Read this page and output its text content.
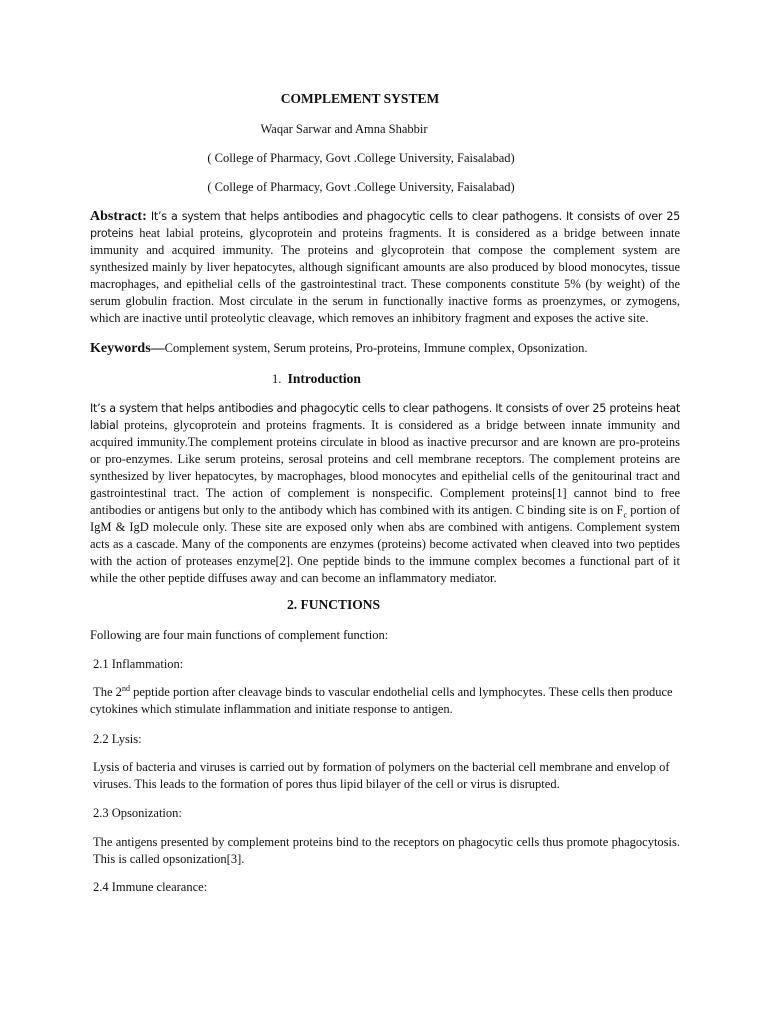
COMPLEMENT SYSTEM
Waqar Sarwar and Amna Shabbir
( College of Pharmacy, Govt .College University, Faisalabad)
( College of Pharmacy, Govt .College University, Faisalabad)

Abstract: It’s a system that helps antibodies and phagocytic cells to clear pathogens. It consists of over 25 proteins heat labial proteins, glycoprotein and proteins fragments. It is considered as a bridge between innate immunity and acquired immunity. The proteins and glycoprotein that compose the complement system are synthesized mainly by liver hepatocytes, although significant amounts are also produced by blood monocytes, tissue macrophages, and epithelial cells of the gastrointestinal tract. These components constitute 5% (by weight) of the serum globulin fraction. Most circulate in the serum in functionally inactive forms as proenzymes, or zymogens, which are inactive until proteolytic cleavage, which removes an inhibitory fragment and exposes the active site.

Keywords—Complement system, Serum proteins, Pro-proteins, Immune complex, Opsonization.

1. Introduction

It’s a system that helps antibodies and phagocytic cells to clear pathogens. It consists of over 25 proteins heat labial proteins, glycoprotein and proteins fragments. It is considered as a bridge between innate immunity and acquired immunity.The complement proteins circulate in blood as inactive precursor and are known are pro-proteins or pro-enzymes. Like serum proteins, serosal proteins and cell membrane receptors. The complement proteins are synthesized by liver hepatocytes, by macrophages, blood monocytes and epithelial cells of the genitourinal tract and gastrointestinal tract. The action of complement is nonspecific. Complement proteins[1] cannot bind to free antibodies or antigens but only to the antibody which has combined with its antigen. C binding site is on $F_c$ portion of IgM & IgD molecule only. These site are exposed only when abs are combined with antigens. Complement system acts as a cascade. Many of the components are enzymes (proteins) become activated when cleaved into two peptides with the action of proteases enzyme[2]. One peptide binds to the immune complex becomes a functional part of it while the other peptide diffuses away and can become an inflammatory mediator.

2. FUNCTIONS

Following are four main functions of complement function:

2.1 Inflammation:

The 2nd peptide portion after cleavage binds to vascular endothelial cells and lymphocytes. These cells then produce cytokines which stimulate inflammation and initiate response to antigen.

2.2 Lysis:

Lysis of bacteria and viruses is carried out by formation of polymers on the bacterial cell membrane and envelop of viruses. This leads to the formation of pores thus lipid bilayer of the cell or virus is disrupted.

2.3 Opsonization:

The antigens presented by complement proteins bind to the receptors on phagocytic cells thus promote phagocytosis. This is called opsonization[3].

2.4 Immune clearance:
